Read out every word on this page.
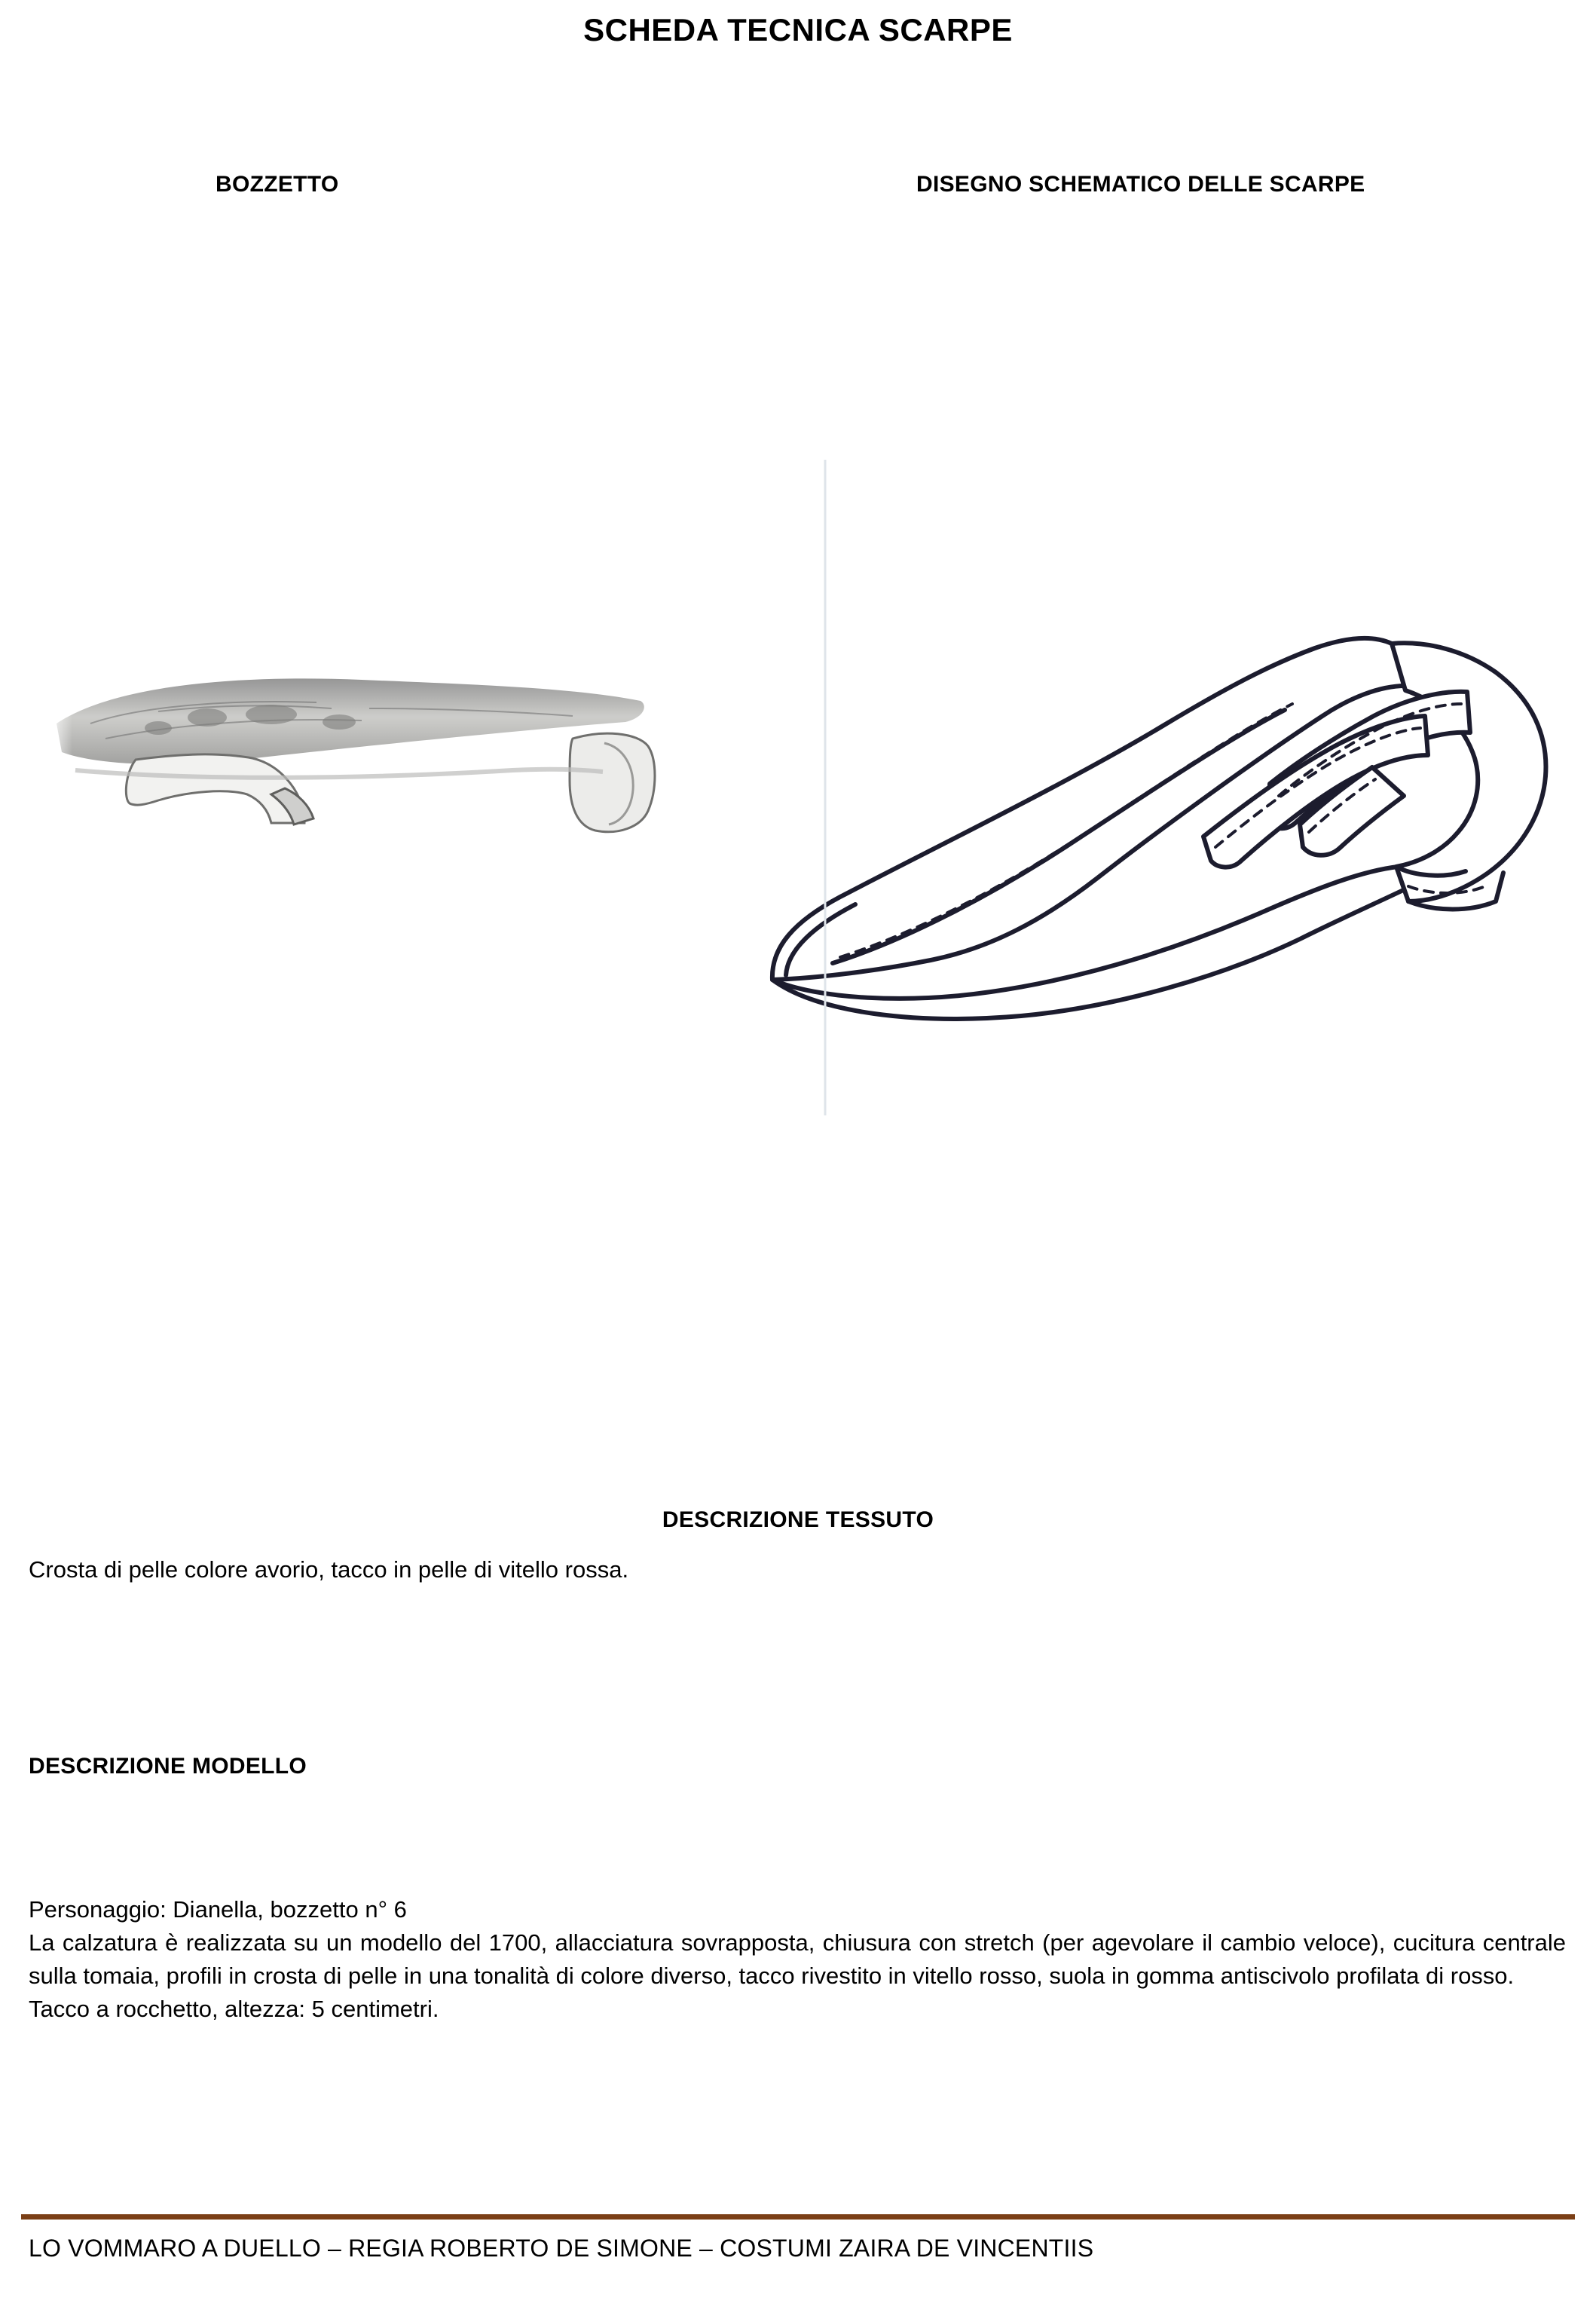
SCHEDA TECNICA SCARPE
BOZZETTO	DISEGNO SCHEMATICO DELLE SCARPE
DESCRIZIONE TESSUTO
Crosta di pelle colore avorio, tacco in pelle di vitello rossa.
DESCRIZIONE MODELLO

Personaggio: Dianella, bozzetto n° 6

La calzatura è realizzata su un modello del 1700, allacciatura sovrapposta, chiusura con stretch (per agevolare il cambio veloce), cucitura centrale sulla tomaia, profili in crosta di pelle in una tonalità di colore diverso, tacco rivestito in vitello rosso, suola in gomma antiscivolo profilata di rosso.

Tacco a rocchetto, altezza: 5 centimetri.

LO VOMMARO A DUELLO – REGIA ROBERTO DE SIMONE – COSTUMI ZAIRA DE VINCENTIIS
